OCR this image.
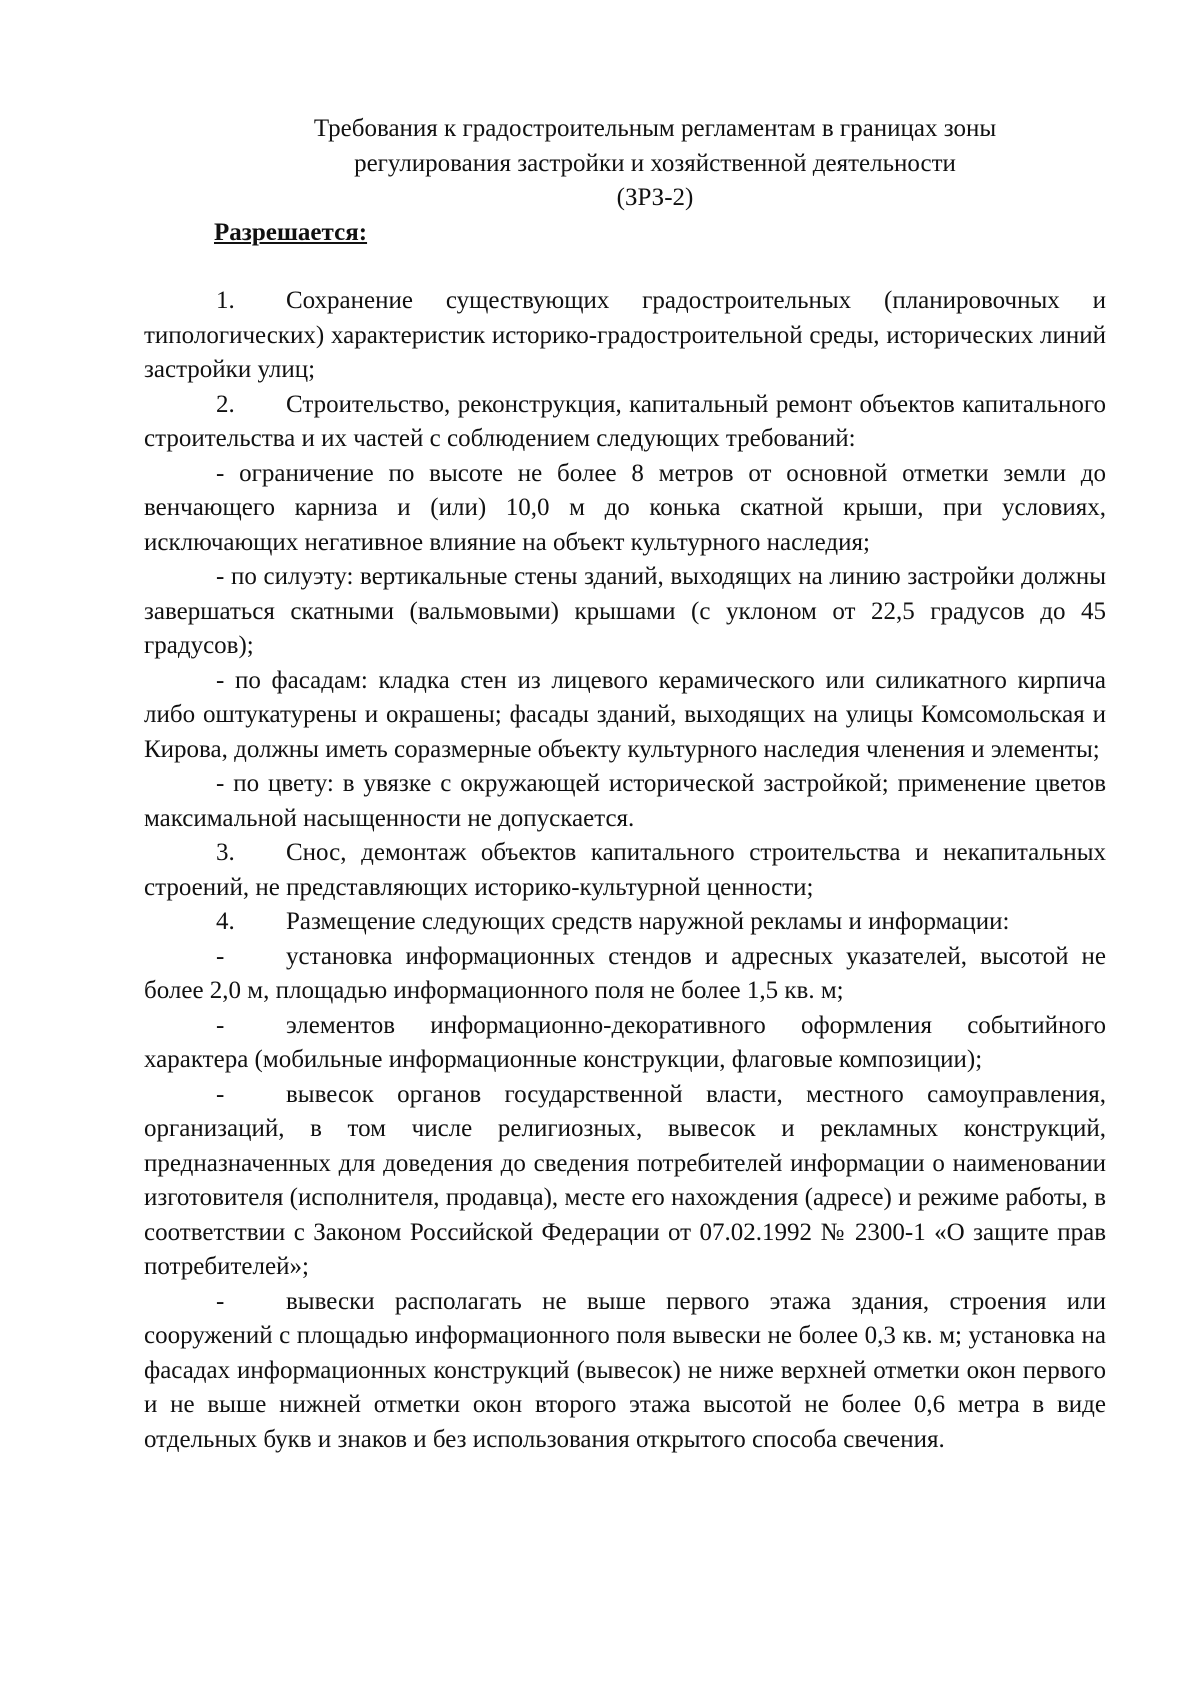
Требования к градостроительным регламентам в границах зоны
регулирования застройки и хозяйственной деятельности
(ЗРЗ-2)
Разрешается:

1. Сохранение существующих градостроительных (планировочных и типологических) характеристик историко-градостроительной среды, исторических линий застройки улиц;

2. Строительство, реконструкция, капитальный ремонт объектов капитального строительства и их частей с соблюдением следующих требований:

- ограничение по высоте не более 8 метров от основной отметки земли до венчающего карниза и (или) 10,0 м до конька скатной крыши, при условиях, исключающих негативное влияние на объект культурного наследия;

- по силуэту: вертикальные стены зданий, выходящих на линию застройки должны завершаться скатными (вальмовыми) крышами (с уклоном от 22,5 градусов до 45 градусов);

- по фасадам: кладка стен из лицевого керамического или силикатного кирпича либо оштукатурены и окрашены; фасады зданий, выходящих на улицы Комсомольская и Кирова, должны иметь соразмерные объекту культурного наследия членения и элементы;

- по цвету: в увязке с окружающей исторической застройкой; применение цветов максимальной насыщенности не допускается.

3. Снос, демонтаж объектов капитального строительства и некапитальных строений, не представляющих историко-культурной ценности;

4. Размещение следующих средств наружной рекламы и информации:

- установка информационных стендов и адресных указателей, высотой не более 2,0 м, площадью информационного поля не более 1,5 кв. м;

- элементов информационно-декоративного оформления событийного характера (мобильные информационные конструкции, флаговые композиции);

- вывесок органов государственной власти, местного самоуправления, организаций, в том числе религиозных, вывесок и рекламных конструкций, предназначенных для доведения до сведения потребителей информации о наименовании изготовителя (исполнителя, продавца), месте его нахождения (адресе) и режиме работы, в соответствии с Законом Российской Федерации от 07.02.1992 № 2300-1 «О защите прав потребителей»;

- вывески располагать не выше первого этажа здания, строения или сооружений с площадью информационного поля вывески не более 0,3 кв. м; установка на фасадах информационных конструкций (вывесок) не ниже верхней отметки окон первого и не выше нижней отметки окон второго этажа высотой не более 0,6 метра в виде отдельных букв и знаков и без использования открытого способа свечения.
